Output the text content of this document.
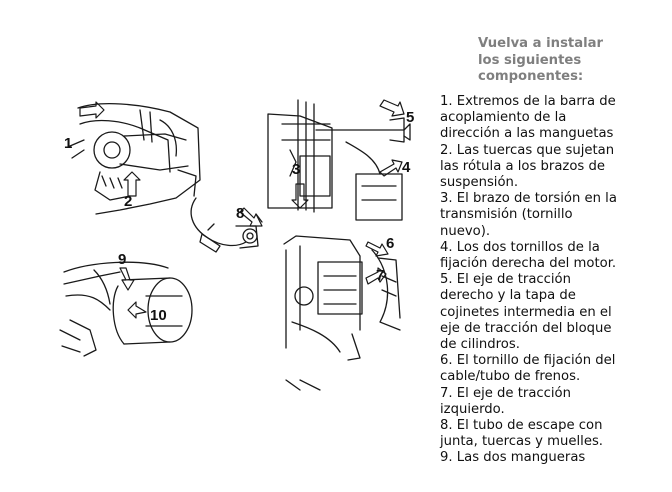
1
2
3	4
5
6
7
8
9
10
Vuelva a instalar
los siguientes
componentes:
1. Extremos de la barra de
acoplamiento de la
dirección a las manguetas
2. Las tuercas que sujetan
las rótula a los brazos de
suspensión.
3. El brazo de torsión en la
transmisión (tornillo
nuevo).
4. Los dos tornillos de la
fijación derecha del motor.
5. El eje de tracción
derecho y la tapa de
cojinetes intermedia en el
eje de tracción del bloque
de cilindros.
6. El tornillo de fijación del
cable/tubo de frenos.
7. El eje de tracción
izquierdo.
8. El tubo de escape con
junta, tuercas y muelles.
9. Las dos mangueras
